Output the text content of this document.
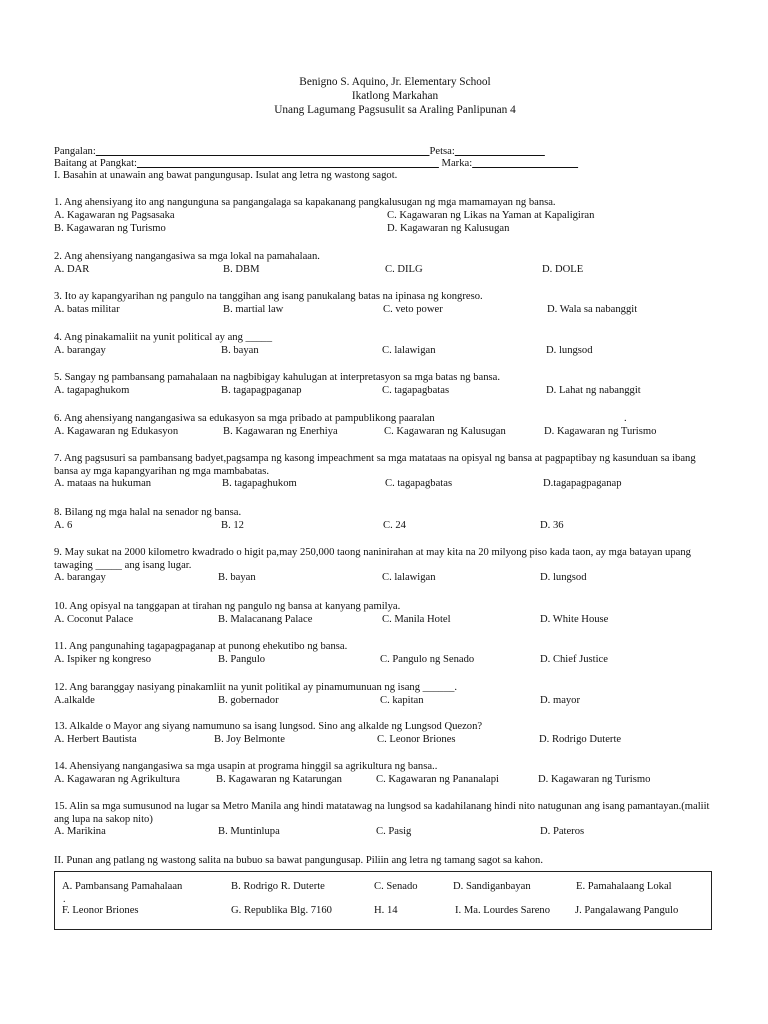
Benigno S. Aquino, Jr. Elementary School
Ikatlong Markahan
Unang Lagumang Pagsusulit sa Araling Panlipunan 4
Pangalan:	Petsa:
Baitang at Pangkat:	Marka:
I. Basahin at unawain ang bawat pangungusap. Isulat ang letra ng wastong sagot.
1. Ang ahensiyang ito ang nangunguna sa pangangalaga sa kapakanang pangkalusugan ng mga mamamayan ng bansa.
A. Kagawaran ng Pagsasaka	C. Kagawaran ng Likas na Yaman at Kapaligiran
B. Kagawaran ng Turismo	D. Kagawaran ng Kalusugan
2. Ang ahensiyang nangangasiwa sa mga lokal na pamahalaan.
A. DAR	B. DBM	C. DILG	D. DOLE
3. Ito ay kapangyarihan ng pangulo na tanggihan ang isang panukalang batas na ipinasa ng kongreso.
A. batas militar	B. martial law	C. veto power	D. Wala sa nabanggit
4. Ang pinakamaliit na yunit political ay ang _____
A. barangay	B. bayan	C. lalawigan	D. lungsod
5. Sangay ng pambansang pamahalaan na nagbibigay kahulugan at interpretasyon sa mga batas ng bansa.
A. tagapaghukom	B. tagapagpaganap	C. tagapagbatas	D. Lahat ng nabanggit
6. Ang ahensiyang nangangasiwa sa edukasyon sa mga pribado at pampublikong paaralan	.
A. Kagawaran ng Edukasyon	B. Kagawaran ng Enerhiya	C. Kagawaran ng Kalusugan	D. Kagawaran ng Turismo
7. Ang pagsusuri sa pambansang badyet,pagsampa ng kasong impeachment sa mga matataas na opisyal ng bansa at pagpaptibay ng kasunduan sa ibang bansa ay mga kapangyarihan ng mga mambabatas.
A. mataas na hukuman	B. tagapaghukom	C. tagapagbatas	D.tagapagpaganap
8. Bilang ng mga halal na senador ng bansa.
A. 6	B. 12	C. 24	D. 36
9. May sukat na 2000 kilometro kwadrado o higit pa,may 250,000 taong naninirahan at may kita na 20 milyong piso kada taon, ay mga batayan upang tawaging _____ ang isang lugar.
A. barangay	B. bayan	C. lalawigan	D. lungsod
10. Ang opisyal na tanggapan at tirahan ng pangulo ng bansa at kanyang pamilya.
A. Coconut Palace	B. Malacanang Palace	C. Manila Hotel	D. White House
11. Ang pangunahing tagapagpaganap at punong ehekutibo ng bansa.
A. Ispiker ng kongreso	B. Pangulo	C. Pangulo ng Senado	D. Chief Justice
12. Ang baranggay nasiyang pinakamliit na yunit politikal ay pinamumunuan ng isang ______.
A.alkalde	B. gobernador	C. kapitan	D. mayor
13. Alkalde o Mayor ang siyang namumuno sa isang lungsod. Sino ang alkalde ng Lungsod Quezon?
A. Herbert Bautista	B. Joy Belmonte	C. Leonor Briones	D. Rodrigo Duterte
14. Ahensiyang nangangasiwa sa mga usapin at programa hinggil sa agrikultura ng bansa..
A. Kagawaran ng Agrikultura	B. Kagawaran ng Katarungan	C. Kagawaran ng Pananalapi	D. Kagawaran ng Turismo
15. Alin sa mga sumusunod na lugar sa Metro Manila ang hindi matatawag na lungsod sa kadahilanang hindi nito natugunan ang isang pamantayan.(maliit ang lupa na sakop nito)
A. Marikina	B. Muntinlupa	C. Pasig	D. Pateros
II. Punan ang patlang ng wastong salita na bubuo sa bawat pangungusap. Piliin ang letra ng tamang sagot sa kahon.
A. Pambansang Pamahalaan	B. Rodrigo R. Duterte	C. Senado	D. Sandiganbayan	E. Pamahalaang Lokal
.
F. Leonor Briones	G. Republika Blg. 7160	H. 14	I. Ma. Lourdes Sareno J. Pangalawang Pangulo
